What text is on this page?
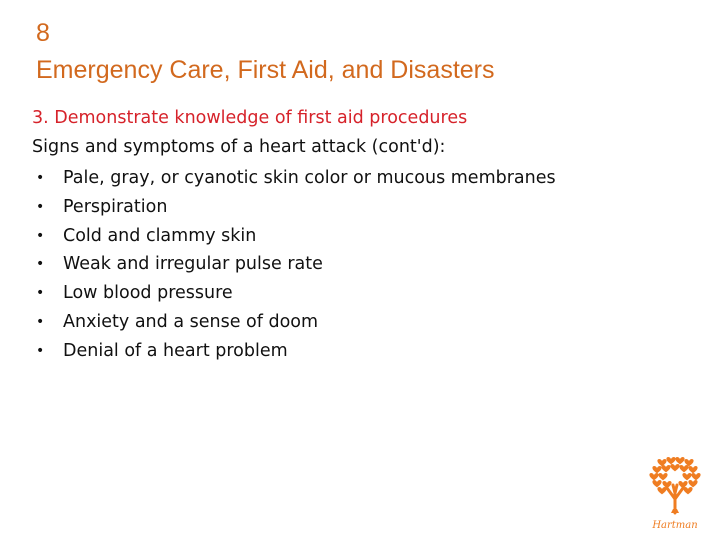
8
Emergency Care, First Aid, and Disasters
3. Demonstrate knowledge of first aid procedures
Signs and symptoms of a heart attack (cont'd):
• Pale, gray, or cyanotic skin color or mucous membranes
• Perspiration
• Cold and clammy skin
• Weak and irregular pulse rate
• Low blood pressure
• Anxiety and a sense of doom
• Denial of a heart problem
Hartman
